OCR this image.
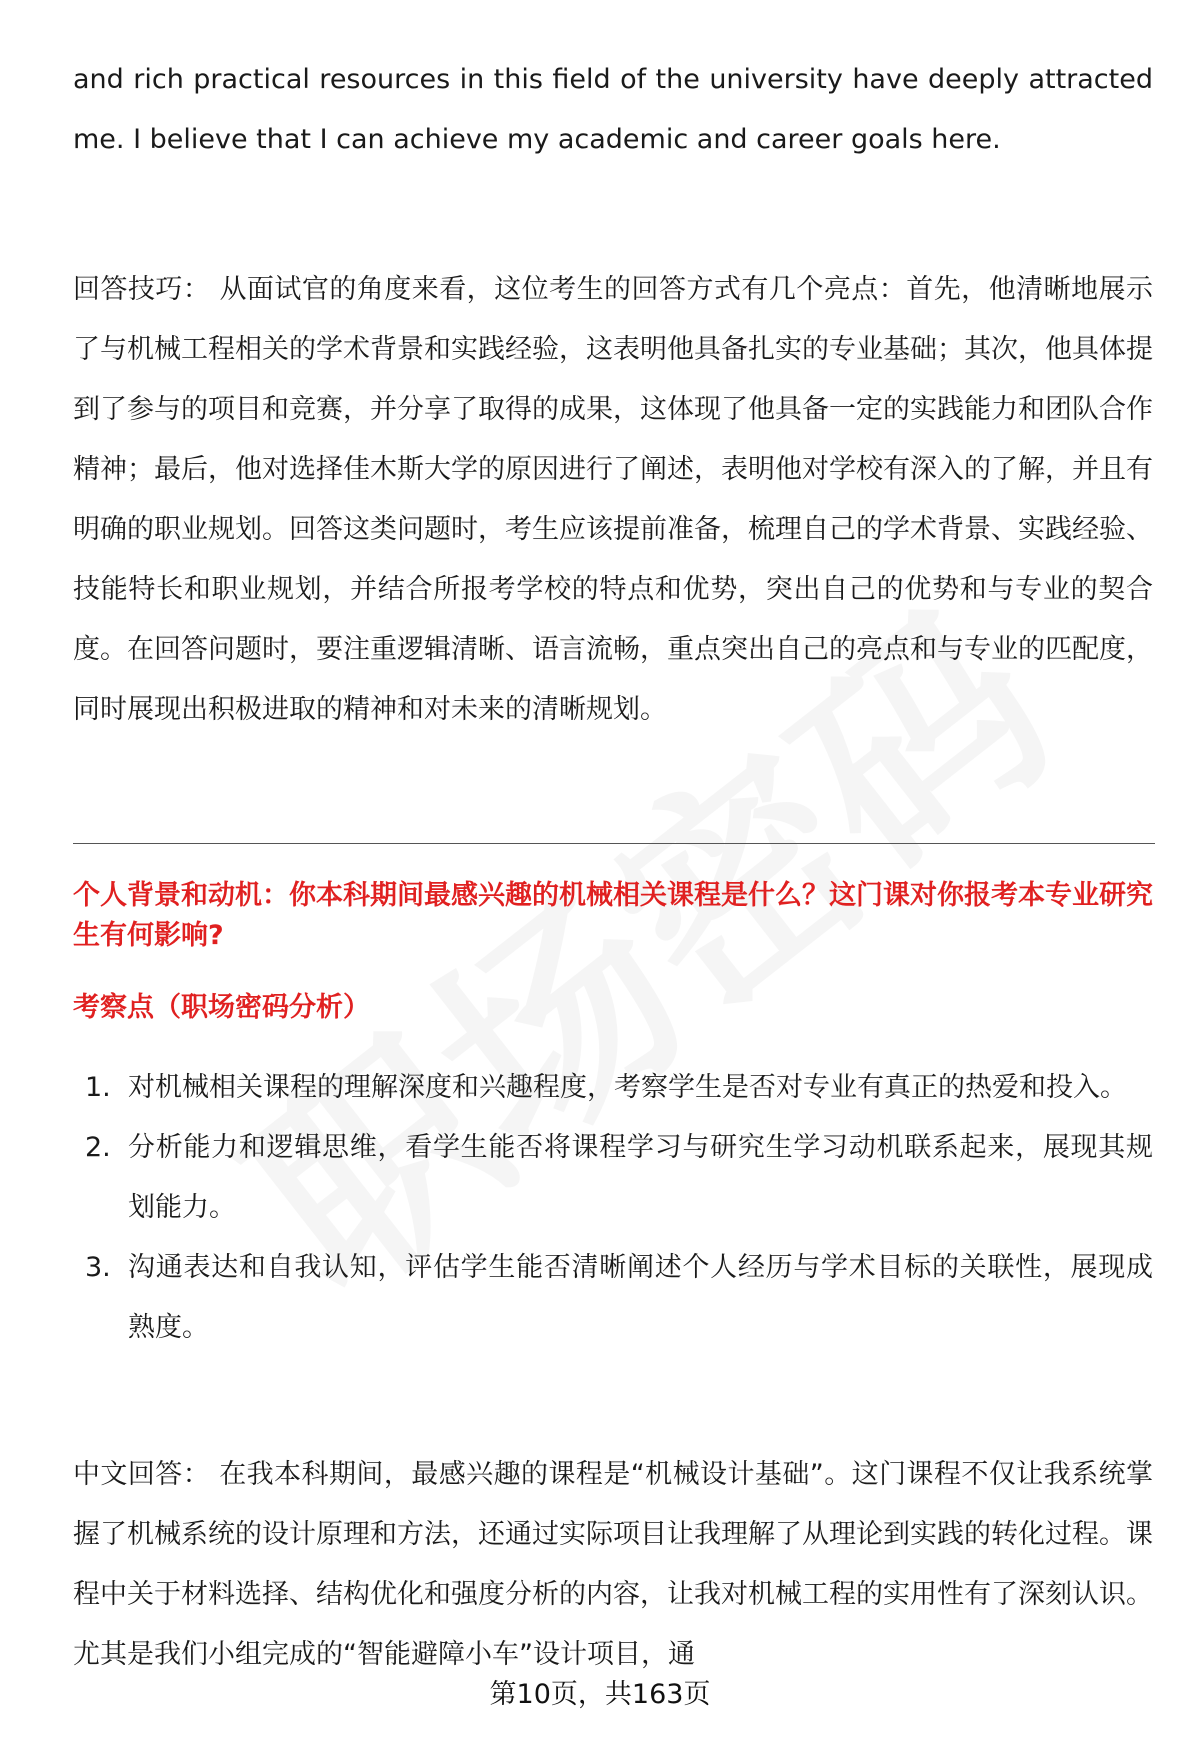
and rich practical resources in this field of the university have deeply attracted me. I believe that I can achieve my academic and career goals here.

回答技巧： 从面试官的角度来看，这位考生的回答方式有几个亮点：首先，他清晰地展示了与机械工程相关的学术背景和实践经验，这表明他具备扎实的专业基础；其次，他具体提到了参与的项目和竞赛，并分享了取得的成果，这体现了他具备一定的实践能力和团队合作精神；最后，他对选择佳木斯大学的原因进行了阐述，表明他对学校有深入的了解，并且有明确的职业规划。回答这类问题时，考生应该提前准备，梳理自己的学术背景、实践经验、技能特长和职业规划，并结合所报考学校的特点和优势，突出自己的优势和与专业的契合度。在回答问题时，要注重逻辑清晰、语言流畅，重点突出自己的亮点和与专业的匹配度，同时展现出积极进取的精神和对未来的清晰规划。

个人背景和动机：你本科期间最感兴趣的机械相关课程是什么？这门课对你报考本专业研究生有何影响?

考察点（职场密码分析）

1. 对机械相关课程的理解深度和兴趣程度，考察学生是否对专业有真正的热爱和投入。
2. 分析能力和逻辑思维，看学生能否将课程学习与研究生学习动机联系起来，展现其规划能力。
3. 沟通表达和自我认知，评估学生能否清晰阐述个人经历与学术目标的关联性，展现成熟度。

中文回答： 在我本科期间，最感兴趣的课程是“机械设计基础”。这门课程不仅让我系统掌握了机械系统的设计原理和方法，还通过实际项目让我理解了从理论到实践的转化过程。课程中关于材料选择、结构优化和强度分析的内容，让我对机械工程的实用性有了深刻认识。尤其是我们小组完成的“智能避障小车”设计项目，通

第10页，共163页
